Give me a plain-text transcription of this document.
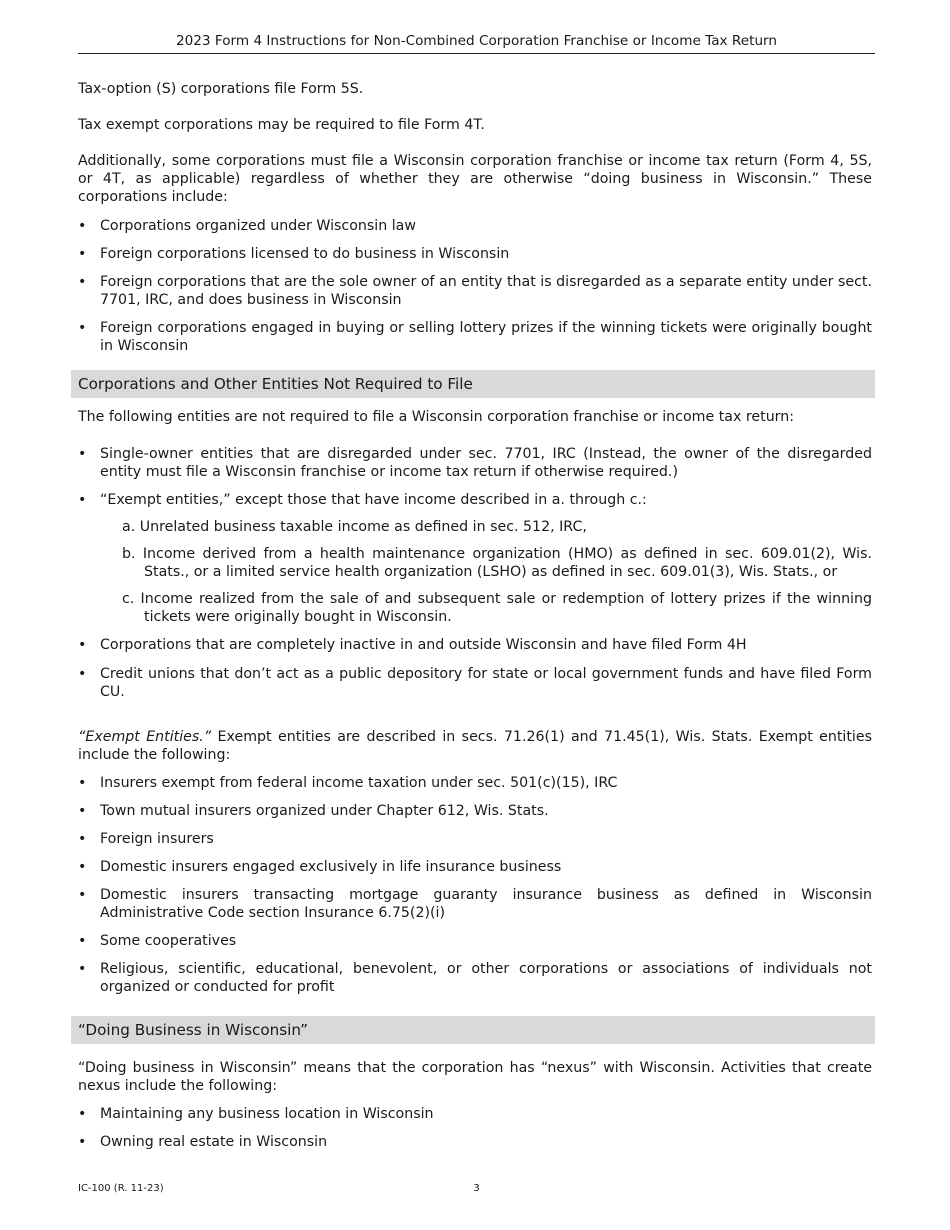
2023 Form 4 Instructions for Non-Combined Corporation Franchise or Income Tax Return

Tax-option (S) corporations file Form 5S.

Tax exempt corporations may be required to file Form 4T.

Additionally, some corporations must file a Wisconsin corporation franchise or income tax return (Form 4, 5S, or 4T, as applicable) regardless of whether they are otherwise “doing business in Wisconsin.” These corporations include:

• Corporations organized under Wisconsin law
• Foreign corporations licensed to do business in Wisconsin
• Foreign corporations that are the sole owner of an entity that is disregarded as a separate entity under sect. 7701, IRC, and does business in Wisconsin
• Foreign corporations engaged in buying or selling lottery prizes if the winning tickets were originally bought in Wisconsin
Corporations and Other Entities Not Required to File

The following entities are not required to file a Wisconsin corporation franchise or income tax return:

• Single-owner entities that are disregarded under sec. 7701, IRC (Instead, the owner of the disregarded entity must file a Wisconsin franchise or income tax return if otherwise required.)
• “Exempt entities,” except those that have income described in a. through c.:
a. Unrelated business taxable income as defined in sec. 512, IRC,
b. Income derived from a health maintenance organization (HMO) as defined in sec. 609.01(2), Wis. Stats., or a limited service health organization (LSHO) as defined in sec. 609.01(3), Wis. Stats., or
c. Income realized from the sale of and subsequent sale or redemption of lottery prizes if the winning tickets were originally bought in Wisconsin.
• Corporations that are completely inactive in and outside Wisconsin and have filed Form 4H
• Credit unions that don’t act as a public depository for state or local government funds and have filed Form CU.

“Exempt Entities.” Exempt entities are described in secs. 71.26(1) and 71.45(1), Wis. Stats. Exempt entities include the following:

• Insurers exempt from federal income taxation under sec. 501(c)(15), IRC
• Town mutual insurers organized under Chapter 612, Wis. Stats.
• Foreign insurers
• Domestic insurers engaged exclusively in life insurance business
• Domestic insurers transacting mortgage guaranty insurance business as defined in Wisconsin Administrative Code section Insurance 6.75(2)(i)
• Some cooperatives
• Religious, scientific, educational, benevolent, or other corporations or associations of individuals not organized or conducted for profit
“Doing Business in Wisconsin”

“Doing business in Wisconsin” means that the corporation has “nexus” with Wisconsin. Activities that create nexus include the following:

• Maintaining any business location in Wisconsin
• Owning real estate in Wisconsin
IC-100 (R. 11-23)	3
